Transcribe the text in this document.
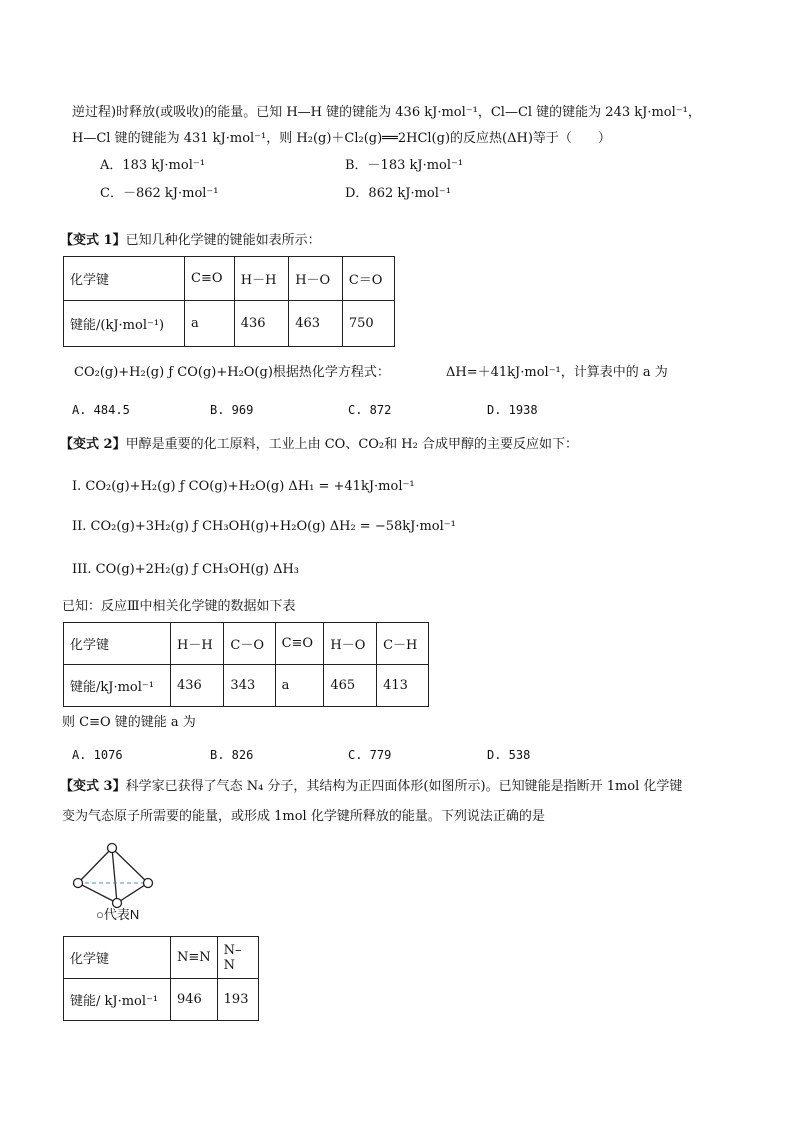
逆过程)时释放(或吸收)的能量。已知 H—H 键的键能为 436 kJ·mol⁻¹，Cl—Cl 键的键能为 243 kJ·mol⁻¹，
H—Cl 键的键能为 431 kJ·mol⁻¹，则 H₂(g)＋Cl₂(g)══2HCl(g)的反应热(ΔH)等于（　　）
A．183 kJ·mol⁻¹	B．－183 kJ·mol⁻¹
C．－862 kJ·mol⁻¹	D．862 kJ·mol⁻¹
【变式 1】已知几种化学键的键能如表所示：
化学键	C≡O	H－H	H－O	C＝O
键能/(kJ·mol⁻¹)	a	436	463	750
CO₂(g)+H₂(g) ƒ CO(g)+H₂O(g)根据热化学方程式：	ΔH=＋41kJ·mol⁻¹，计算表中的 a 为
A. 484.5	B. 969	C. 872	D. 1938
【变式 2】甲醇是重要的化工原料，工业上由 CO、CO₂和 H₂ 合成甲醇的主要反应如下：
I. CO₂(g)+H₂(g) ƒ CO(g)+H₂O(g) ΔH₁ = +41kJ·mol⁻¹
II. CO₂(g)+3H₂(g) ƒ CH₃OH(g)+H₂O(g) ΔH₂ = −58kJ·mol⁻¹
III. CO(g)+2H₂(g) ƒ CH₃OH(g) ΔH₃
已知：反应Ⅲ中相关化学键的数据如下表
化学键	H－H	C－O	C≡O	H－O	C－H
键能/kJ·mol⁻¹	436	343	a	465	413
则 C≡O 键的键能 a 为
A. 1076	B. 826	C. 779	D. 538
【变式 3】科学家已获得了气态 N₄ 分子，其结构为正四面体形(如图所示)。已知键能是指断开 1mol 化学键
变为气态原子所需要的能量，或形成 1mol 化学键所释放的能量。下列说法正确的是
○代表N
化学键	N≡N	N–N
键能/ kJ·mol⁻¹	946	193
